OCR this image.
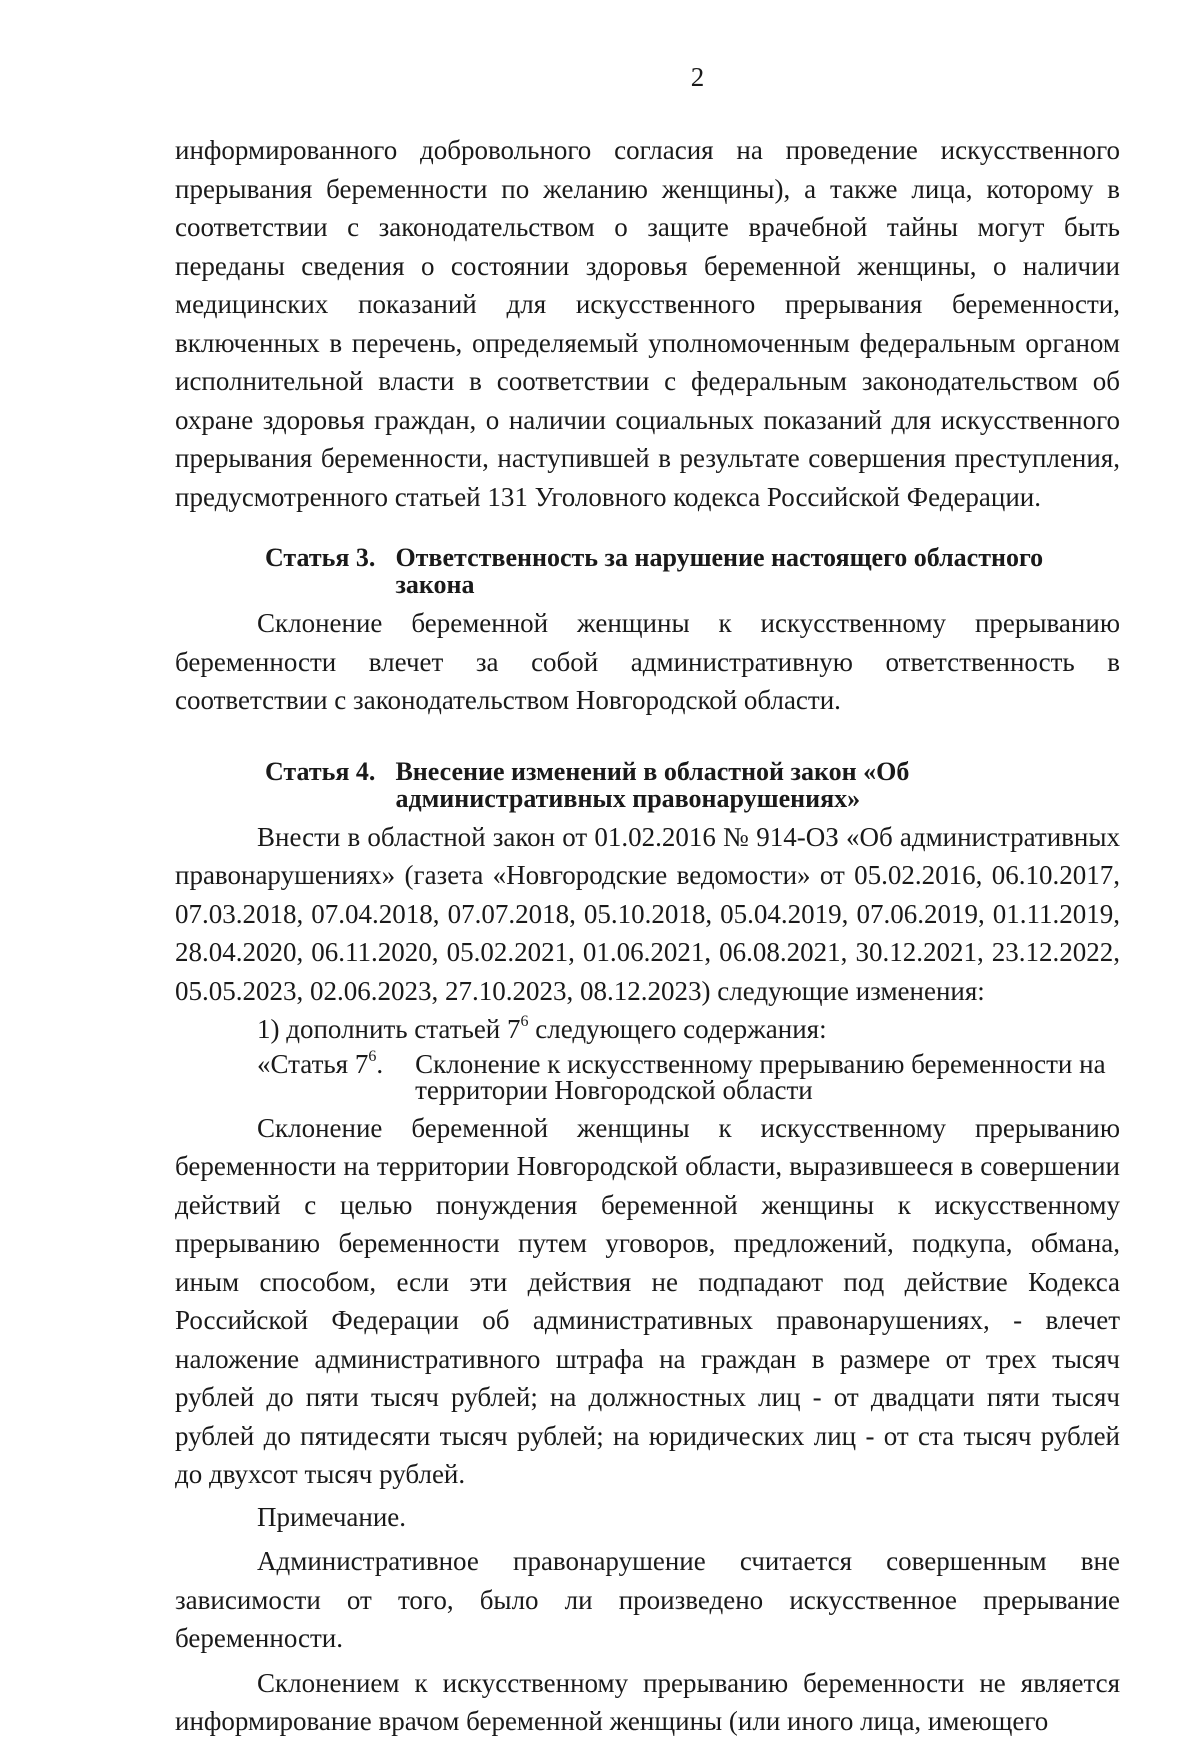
2

информированного добровольного согласия на проведение искусственного прерывания беременности по желанию женщины), а также лица, которому в соответствии с законодательством о защите врачебной тайны могут быть переданы сведения о состоянии здоровья беременной женщины, о наличии медицинских показаний для искусственного прерывания беременности, включенных в перечень, определяемый уполномоченным федеральным органом исполнительной власти в соответствии с федеральным законодательством об охране здоровья граждан, о наличии социальных показаний для искусственного прерывания беременности, наступившей в результате совершения преступления, предусмотренного статьей 131 Уголовного кодекса Российской Федерации.

Статья 3. Ответственность за нарушение настоящего областного закона

Склонение беременной женщины к искусственному прерыванию беременности влечет за собой административную ответственность в соответствии с законодательством Новгородской области.

Статья 4. Внесение изменений в областной закон «Об административных правонарушениях»

Внести в областной закон от 01.02.2016 № 914-ОЗ «Об административных правонарушениях» (газета «Новгородские ведомости» от 05.02.2016, 06.10.2017, 07.03.2018, 07.04.2018, 07.07.2018, 05.10.2018, 05.04.2019, 07.06.2019, 01.11.2019, 28.04.2020, 06.11.2020, 05.02.2021, 01.06.2021, 06.08.2021, 30.12.2021, 23.12.2022, 05.05.2023, 02.06.2023, 27.10.2023, 08.12.2023) следующие изменения:

1) дополнить статьей $7^6$ следующего содержания:

«Статья $7^6$. Склонение к искусственному прерыванию беременности на территории Новгородской области

Склонение беременной женщины к искусственному прерыванию беременности на территории Новгородской области, выразившееся в совершении действий с целью понуждения беременной женщины к искусственному прерыванию беременности путем уговоров, предложений, подкупа, обмана, иным способом, если эти действия не подпадают под действие Кодекса Российской Федерации об административных правонарушениях, - влечет наложение административного штрафа на граждан в размере от трех тысяч рублей до пяти тысяч рублей; на должностных лиц - от двадцати пяти тысяч рублей до пятидесяти тысяч рублей; на юридических лиц - от ста тысяч рублей до двухсот тысяч рублей.

Примечание.

Административное правонарушение считается совершенным вне зависимости от того, было ли произведено искусственное прерывание беременности.

Склонением к искусственному прерыванию беременности не является информирование врачом беременной женщины (или иного лица, имеющего
